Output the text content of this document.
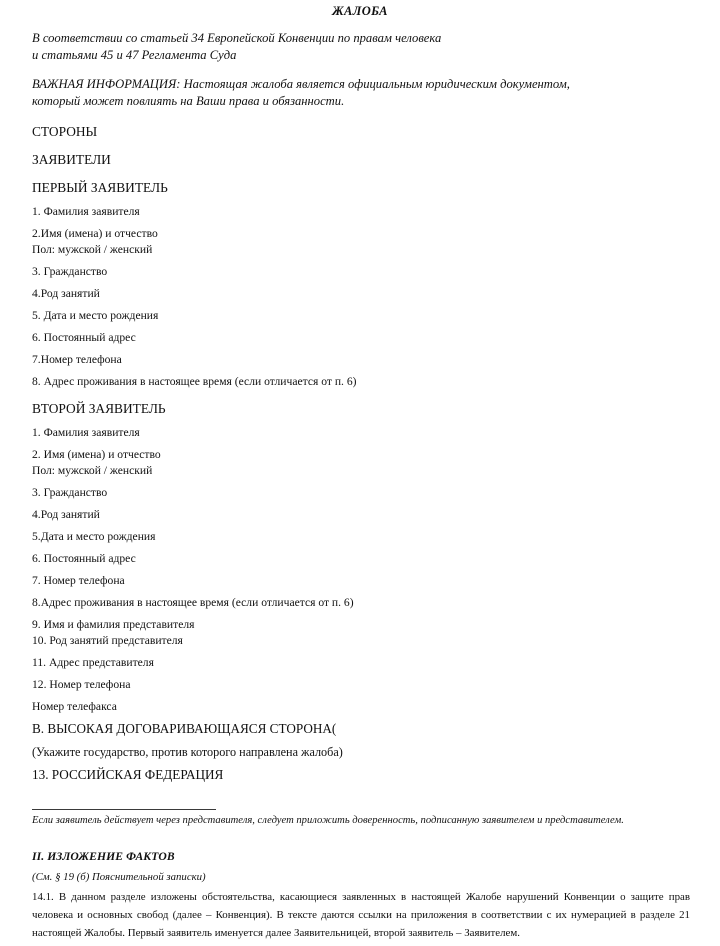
ЖАЛОБА
В соответствии со статьей 34 Европейской Конвенции по правам человека
и статьями 45 и 47 Регламента Суда
ВАЖНАЯ ИНФОРМАЦИЯ: Настоящая жалоба является официальным юридическим документом,
который может повлиять на Ваши права и обязанности.
СТОРОНЫ
ЗАЯВИТЕЛИ
ПЕРВЫЙ ЗАЯВИТЕЛЬ
1. Фамилия заявителя
2.Имя (имена) и отчество
Пол: мужской / женский
3. Гражданство
4.Род занятий
5. Дата и место рождения
6. Постоянный адрес
7.Номер телефона
8. Адрес проживания в настоящее время (если отличается от п. 6)
ВТОРОЙ ЗАЯВИТЕЛЬ
1. Фамилия заявителя
2. Имя (имена) и отчество
Пол: мужской / женский
3. Гражданство
4.Род занятий
5.Дата и место рождения
6. Постоянный адрес
7. Номер телефона
8.Адрес проживания в настоящее время (если отличается от п. 6)
9. Имя и фамилия представителя
10. Род занятий представителя
11. Адрес представителя
12. Номер телефона
Номер телефакса
B. ВЫСОКАЯ ДОГОВАРИВАЮЩАЯСЯ СТОРОНА(
(Укажите государство, против которого направлена жалоба)
13. РОССИЙСКАЯ ФЕДЕРАЦИЯ
Если заявитель действует через представителя, следует приложить доверенность, подписанную заявителем и представителем.
II. ИЗЛОЖЕНИЕ ФАКТОВ
(См. § 19 (б) Пояснительной записки)
14.1. В данном разделе изложены обстоятельства, касающиеся заявленных в настоящей Жалобе нарушений Конвенции о защите прав человека и основных свобод (далее – Конвенция). В тексте даются ссылки на приложения в соответствии с их нумерацией в разделе 21 настоящей Жалобы. Первый заявитель именуется далее Заявительницей, второй заявитель – Заявителем.
